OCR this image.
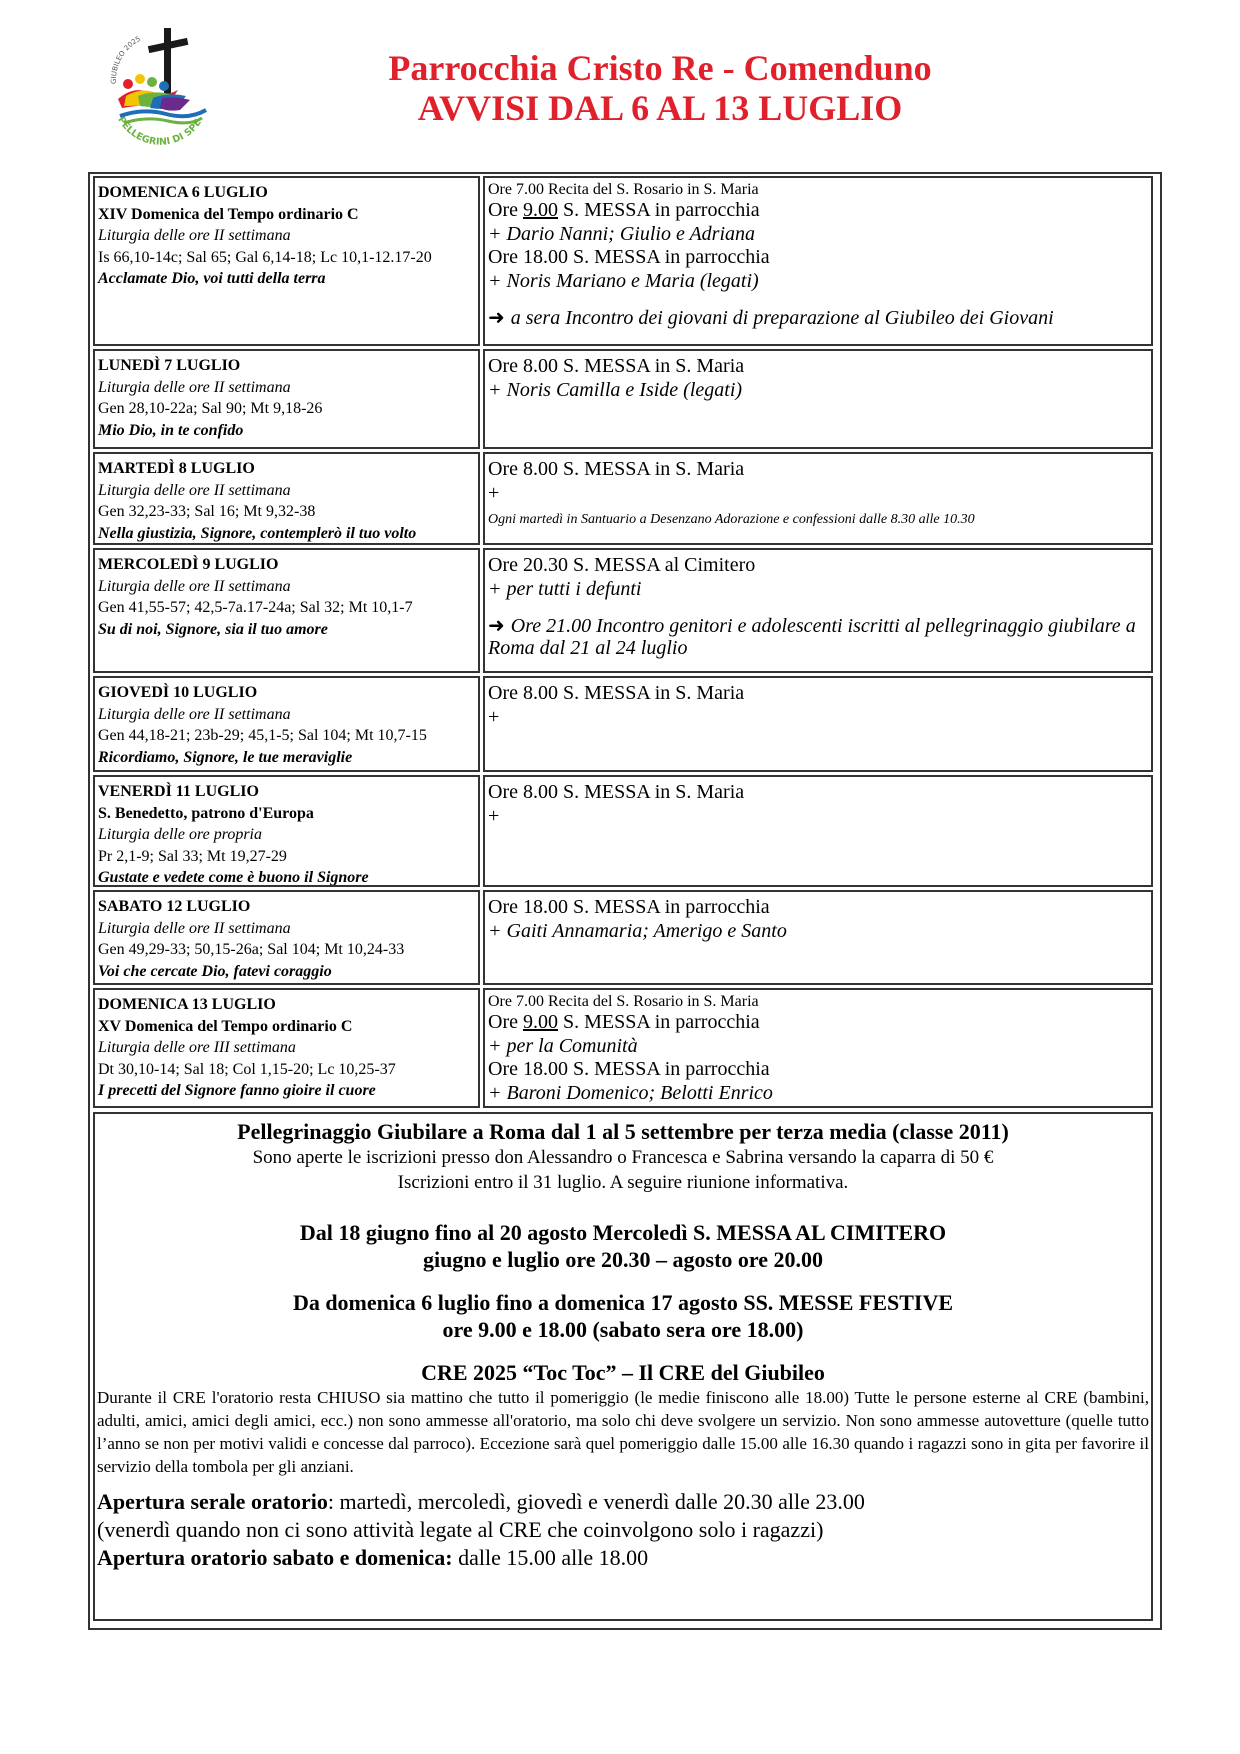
GIUBILEO 2025
PELLEGRINI DI SPE
Parrocchia Cristo Re - Comenduno
AVVISI DAL 6 AL 13 LUGLIO
DOMENICA 6 LUGLIO
XIV Domenica del Tempo ordinario C
Liturgia delle ore II settimana
Is 66,10-14c; Sal 65; Gal 6,14-18; Lc 10,1-12.17-20
Acclamate Dio, voi tutti della terra
Ore 7.00 Recita del S. Rosario in S. Maria
Ore 9.00 S. MESSA in parrocchia
+ Dario Nanni; Giulio e Adriana
Ore 18.00 S. MESSA in parrocchia
+ Noris Mariano e Maria (legati)
➜ a sera Incontro dei giovani di preparazione al Giubileo dei Giovani
LUNEDÌ 7 LUGLIO
Liturgia delle ore II settimana
Gen 28,10-22a; Sal 90; Mt 9,18-26
Mio Dio, in te confido
Ore 8.00 S. MESSA in S. Maria
+ Noris Camilla e Iside (legati)
MARTEDÌ 8 LUGLIO
Liturgia delle ore II settimana
Gen 32,23-33; Sal 16; Mt 9,32-38
Nella giustizia, Signore, contemplerò il tuo volto
Ore 8.00 S. MESSA in S. Maria
+
Ogni martedì in Santuario a Desenzano Adorazione e confessioni dalle 8.30 alle 10.30
MERCOLEDÌ 9 LUGLIO
Liturgia delle ore II settimana
Gen 41,55-57; 42,5-7a.17-24a; Sal 32; Mt 10,1-7
Su di noi, Signore, sia il tuo amore
Ore 20.30 S. MESSA al Cimitero
+ per tutti i defunti
➜ Ore 21.00 Incontro genitori e adolescenti iscritti al pellegrinaggio giubilare a Roma dal 21 al 24 luglio
GIOVEDÌ 10 LUGLIO
Liturgia delle ore II settimana
Gen 44,18-21; 23b-29; 45,1-5; Sal 104; Mt 10,7-15
Ricordiamo, Signore, le tue meraviglie
Ore 8.00 S. MESSA in S. Maria
+
VENERDÌ 11 LUGLIO
S. Benedetto, patrono d'Europa
Liturgia delle ore propria
Pr 2,1-9; Sal 33; Mt 19,27-29
Gustate e vedete come è buono il Signore
Ore 8.00 S. MESSA in S. Maria
+
SABATO 12 LUGLIO
Liturgia delle ore II settimana
Gen 49,29-33; 50,15-26a; Sal 104; Mt 10,24-33
Voi che cercate Dio, fatevi coraggio
Ore 18.00 S. MESSA in parrocchia
+ Gaiti Annamaria; Amerigo e Santo
DOMENICA 13 LUGLIO
XV Domenica del Tempo ordinario C
Liturgia delle ore III settimana
Dt 30,10-14; Sal 18; Col 1,15-20; Lc 10,25-37
I precetti del Signore fanno gioire il cuore
Ore 7.00 Recita del S. Rosario in S. Maria
Ore 9.00 S. MESSA in parrocchia
+ per la Comunità
Ore 18.00 S. MESSA in parrocchia
+ Baroni Domenico; Belotti Enrico
Pellegrinaggio Giubilare a Roma dal 1 al 5 settembre per terza media (classe 2011)
Sono aperte le iscrizioni presso don Alessandro o Francesca e Sabrina versando la caparra di 50 €
Iscrizioni entro il 31 luglio. A seguire riunione informativa.
Dal 18 giugno fino al 20 agosto Mercoledì S. MESSA AL CIMITERO
giugno e luglio ore 20.30 – agosto ore 20.00
Da domenica 6 luglio fino a domenica 17 agosto SS. MESSE FESTIVE
ore 9.00 e 18.00 (sabato sera ore 18.00)
CRE 2025 “Toc Toc” – Il CRE del Giubileo
Durante il CRE l'oratorio resta CHIUSO sia mattino che tutto il pomeriggio (le medie finiscono alle 18.00) Tutte le persone esterne al CRE (bambini, adulti, amici, amici degli amici, ecc.) non sono ammesse all'oratorio, ma solo chi deve svolgere un servizio. Non sono ammesse autovetture (quelle tutto l’anno se non per motivi validi e concesse dal parroco). Eccezione sarà quel pomeriggio dalle 15.00 alle 16.30 quando i ragazzi sono in gita per favorire il servizio della tombola per gli anziani.
Apertura serale oratorio: martedì, mercoledì, giovedì e venerdì dalle 20.30 alle 23.00
(venerdì quando non ci sono attività legate al CRE che coinvolgono solo i ragazzi)
Apertura oratorio sabato e domenica: dalle 15.00 alle 18.00
